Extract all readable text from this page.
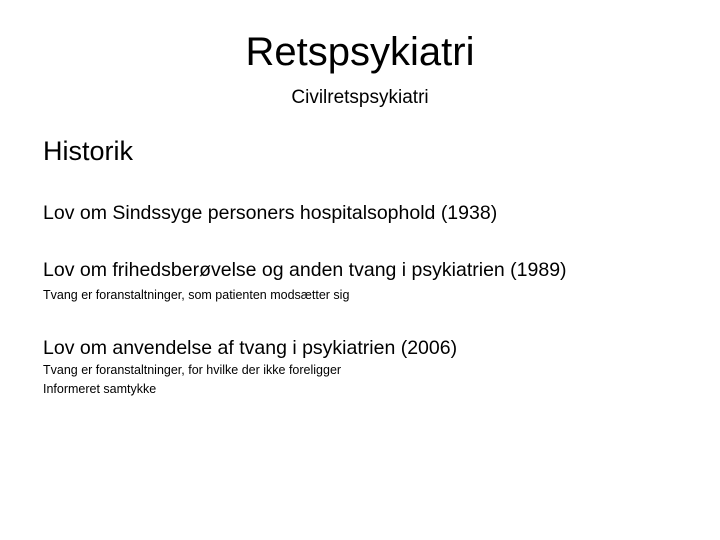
Retspsykiatri
Civilretspsykiatri
Historik
Lov om Sindssyge personers hospitalsophold (1938)
Lov om frihedsberøvelse og anden tvang i psykiatrien (1989)
Tvang er foranstaltninger, som patienten modsætter sig
Lov om anvendelse af tvang i psykiatrien (2006)
Tvang er foranstaltninger, for hvilke der ikke foreligger
Informeret samtykke
